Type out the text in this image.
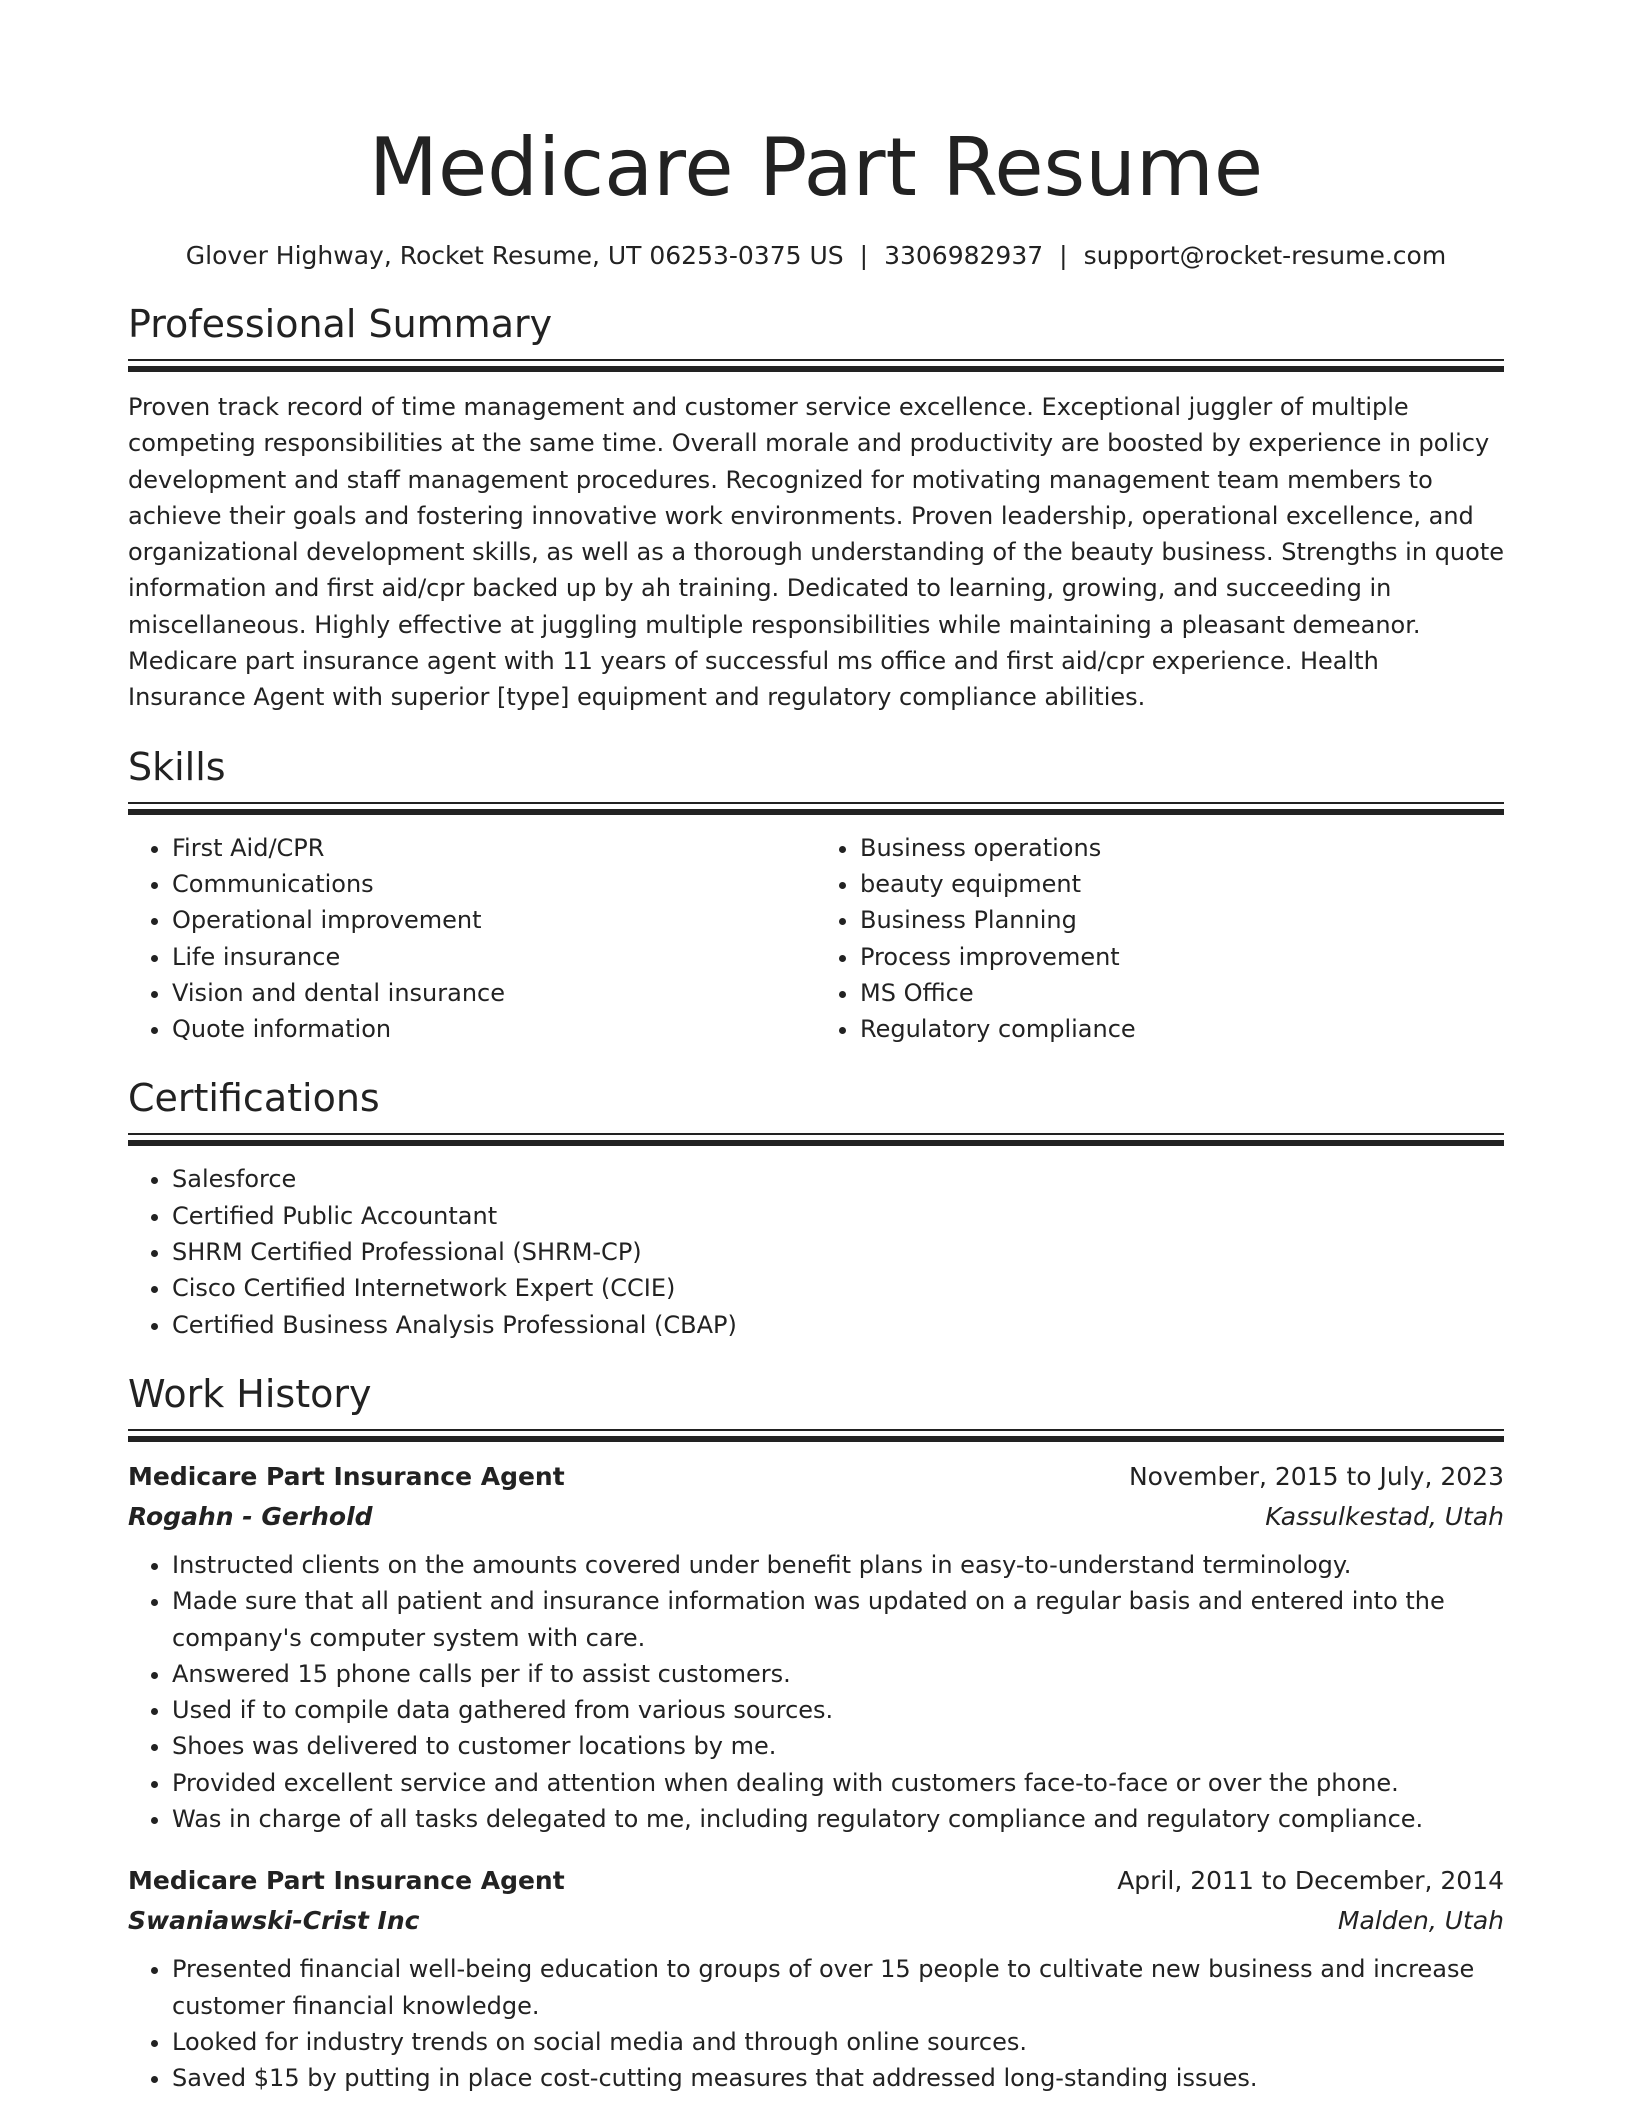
Medicare Part Resume
Glover Highway, Rocket Resume, UT 06253-0375 US | 3306982937 | support@rocket-resume.com
Professional Summary
Proven track record of time management and customer service excellence. Exceptional juggler of multiple competing responsibilities at the same time. Overall morale and productivity are boosted by experience in policy development and staff management procedures. Recognized for motivating management team members to achieve their goals and fostering innovative work environments. Proven leadership, operational excellence, and organizational development skills, as well as a thorough understanding of the beauty business. Strengths in quote information and first aid/cpr backed up by ah training. Dedicated to learning, growing, and succeeding in miscellaneous. Highly effective at juggling multiple responsibilities while maintaining a pleasant demeanor. Medicare part insurance agent with 11 years of successful ms office and first aid/cpr experience. Health Insurance Agent with superior [type] equipment and regulatory compliance abilities.
Skills
• First Aid/CPR
• Communications
• Operational improvement
• Life insurance
• Vision and dental insurance
• Quote information
• Business operations
• beauty equipment
• Business Planning
• Process improvement
• MS Office
• Regulatory compliance
Certifications
• Salesforce
• Certified Public Accountant
• SHRM Certified Professional (SHRM-CP)
• Cisco Certified Internetwork Expert (CCIE)
• Certified Business Analysis Professional (CBAP)
Work History
Medicare Part Insurance Agent	November, 2015 to July, 2023
Rogahn - Gerhold	Kassulkestad, Utah
• Instructed clients on the amounts covered under benefit plans in easy-to-understand terminology.
• Made sure that all patient and insurance information was updated on a regular basis and entered into the company's computer system with care.
• Answered 15 phone calls per if to assist customers.
• Used if to compile data gathered from various sources.
• Shoes was delivered to customer locations by me.
• Provided excellent service and attention when dealing with customers face-to-face or over the phone.
• Was in charge of all tasks delegated to me, including regulatory compliance and regulatory compliance.
Medicare Part Insurance Agent	April, 2011 to December, 2014
Swaniawski-Crist Inc	Malden, Utah
• Presented financial well-being education to groups of over 15 people to cultivate new business and increase customer financial knowledge.
• Looked for industry trends on social media and through online sources.
• Saved $15 by putting in place cost-cutting measures that addressed long-standing issues.
